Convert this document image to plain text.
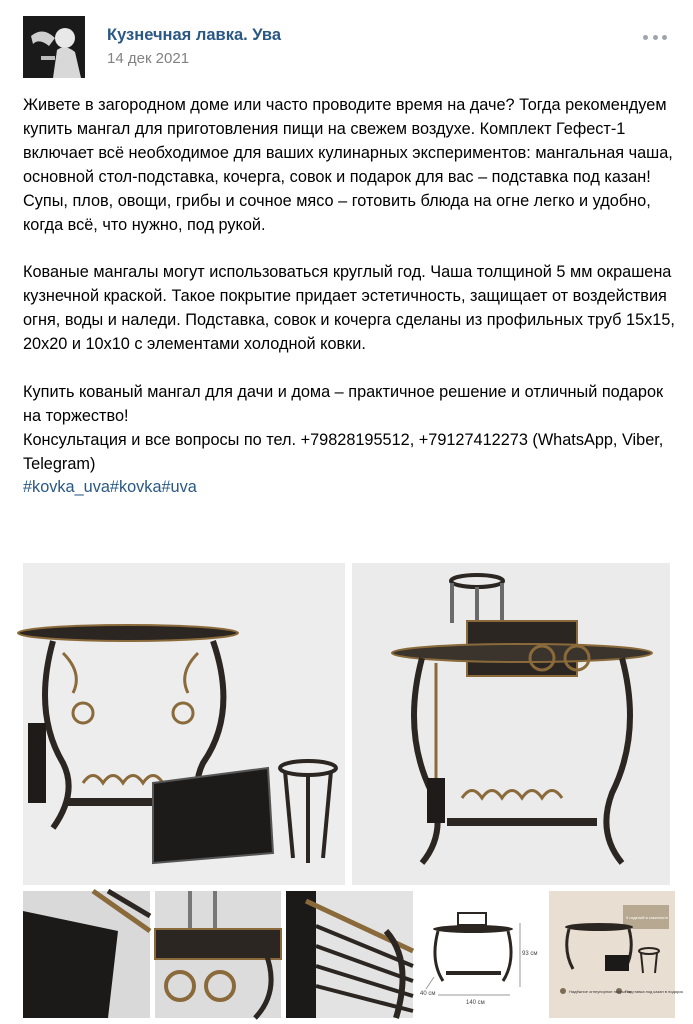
Кузнечная лавка. Ува
14 дек 2021

Живете в загородном доме или часто проводите время на даче? Тогда рекомендуем купить мангал для приготовления пищи на свежем воздухе. Комплект Гефест-1 включает всё необходимое для ваших кулинарных экспериментов: мангальная чаша, основной стол-подставка, кочерга, совок и подарок для вас – подставка под казан! Супы, плов, овощи, грибы и сочное мясо – готовить блюда на огне легко и удобно, когда всё, что нужно, под рукой.

Кованые мангалы могут использоваться круглый год. Чаша толщиной 5 мм окрашена кузнечной краской. Такое покрытие придает эстетичность, защищает от воздействия огня, воды и наледи. Подставка, совок и кочерга сделаны из профильных труб 15х15, 20х20 и 10х10 с элементами холодной ковки.

Купить кованый мангал для дачи и дома – практичное решение и отличный подарок на торжество!

Консультация и все вопросы по тел. +79828195512, +79127412273 (WhatsApp, Viber, Telegram)

#kovka_uva#kovka#uva

93 см
40 см
140 см
5 изделий в комплекте
Надёжное огнеупорное покрытие
Подставка под казан в подарок
